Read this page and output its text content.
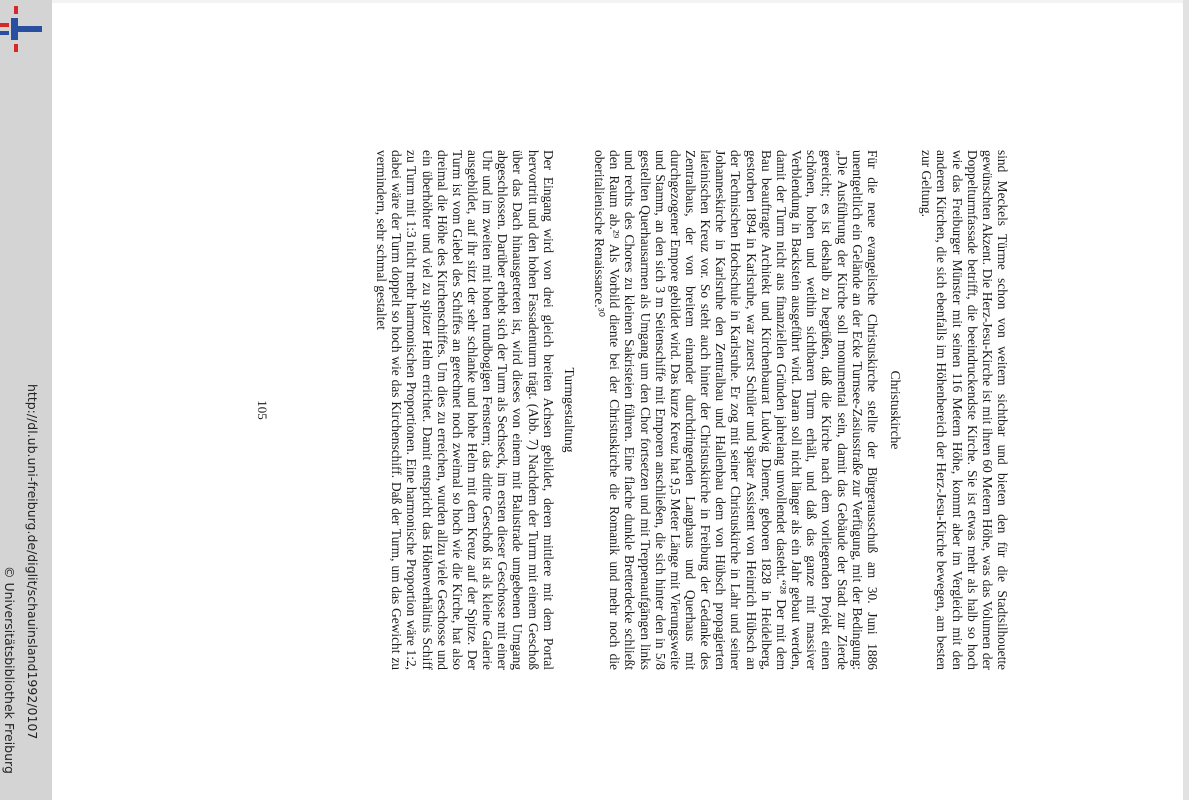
http://dl.ub.uni-freiburg.de/diglit/schauinsland1992/0107
© Universitätsbibliothek Freiburg	sind Meckels Türme schon von weitem sichtbar und bieten den für die Stadtsilhouette gewünschten Akzent. Die Herz-Jesu-Kirche ist mit ihren 60 Metern Höhe, was das Volumen der Doppelturmfassade betrifft, die beeindruckendste Kirche. Sie ist etwas mehr als halb so hoch wie das Freiburger Münster mit seinen 116 Metern Höhe, kommt aber im Vergleich mit den anderen Kirchen, die sich ebenfalls im Höhenbereich der Herz-Jesu-Kirche bewegen, am besten zur Geltung.

Christuskirche

Für die neue evangelische Christuskirche stellte der Bürgerausschuß am 30. Juni 1886 unentgeltlich ein Gelände an der Ecke Turnsee-Zasiusstraße zur Verfügung, mit der Bedingung: „Die Ausführung der Kirche soll monumental sein, damit das Gebäude der Stadt zur Zierde gereicht; es ist deshalb zu begrüßen, daß die Kirche nach dem vorliegenden Projekt einen schönen, hohen und weithin sichtbaren Turm erhält, und daß das ganze mit massiver Verblendung in Backstein ausgeführt wird. Daran soll nicht länger als ein Jahr gebaut werden, damit der Turm nicht aus finanziellen Gründen jahrelang unvollendet dasteht.“²⁸ Der mit dem Bau beauftragte Architekt und Kirchenbaurat Ludwig Diemer, geboren 1828 in Heidelberg, gestorben 1894 in Karlsruhe, war zuerst Schüler und später Assistent von Heinrich Hübsch an der Technischen Hochschule in Karlsruhe. Er zog mit seiner Christuskirche in Lahr und seiner Johanneskirche in Karlsruhe den Zentralbau und Hallenbau dem von Hübsch propagierten lateinischen Kreuz vor. So steht auch hinter der Christuskirche in Freiburg der Gedanke des Zentralbaus, der von breitem einander durchdringenden Langhaus und Querhaus mit durchgezogener Empore gebildet wird. Das kurze Kreuz hat 9,5 Meter Länge mit Vierungsweite und Stamm, an den sich 3 m Seitenschiffe mit Emporen anschließen, die sich hinter den in 5/8 gestellten Querhausarmen als Umgang um den Chor fortsetzen und mit Treppenaufgängen links und rechts des Chores zu kleinen Sakristeien führen. Eine flache dunkle Bretterdecke schließt den Raum ab.²⁹ Als Vorbild diente bei der Christuskirche die Romanik und mehr noch die oberitalienische Renaissance.³⁰

Turmgestaltung

Der Eingang wird von drei gleich breiten Achsen gebildet, deren mittlere mit dem Portal hervortritt und den hohen Fassadenturm trägt. (Abb. 7) Nachdem der Turm mit einem Geschoß über das Dach hinausgetreten ist, wird dieses von einem mit Balustrade umgebenen Umgang abgeschlossen. Darüber erhebt sich der Turm als Sechseck, im ersten dieser Geschosse mit einer Uhr und im zweiten mit hohen rundbogigen Fenstern; das dritte Geschoß ist als kleine Galerie ausgebildet, auf ihr sitzt der sehr schlanke und hohe Helm mit dem Kreuz auf der Spitze. Der Turm ist vom Giebel des Schiffes an gerechnet noch zweimal so hoch wie die Kirche, hat also dreimal die Höhe des Kirchenschiffes. Um dies zu erreichen, wurden allzu viele Geschosse und ein überhöhter und viel zu spitzer Helm errichtet. Damit entspricht das Höhenverhältnis Schiff zu Turm mit 1:3 nicht mehr harmonischen Proportionen. Eine harmonische Proportion wäre 1:2, dabei wäre der Turm doppelt so hoch wie das Kirchenschiff. Daß der Turm, um das Gewicht zu vermindern, sehr schmal gestaltet

105
